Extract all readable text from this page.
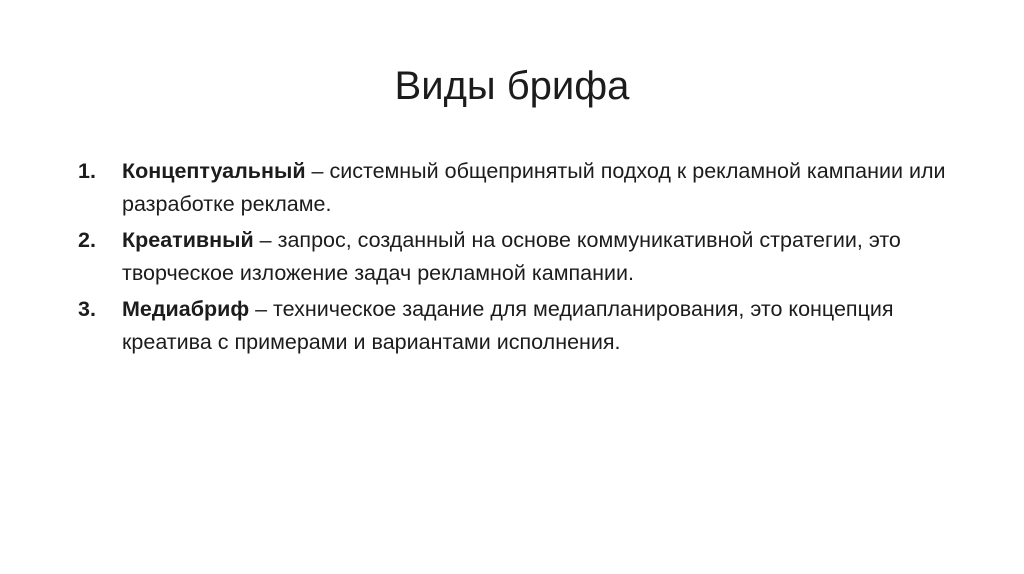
Виды брифа
1. Концептуальный – системный общепринятый подход к рекламной кампании или разработке рекламе.
2. Креативный – запрос, созданный на основе коммуникативной стратегии, это творческое изложение задач рекламной кампании.
3. Медиабриф – техническое задание для медиапланирования, это концепция креатива с примерами и вариантами исполнения.
